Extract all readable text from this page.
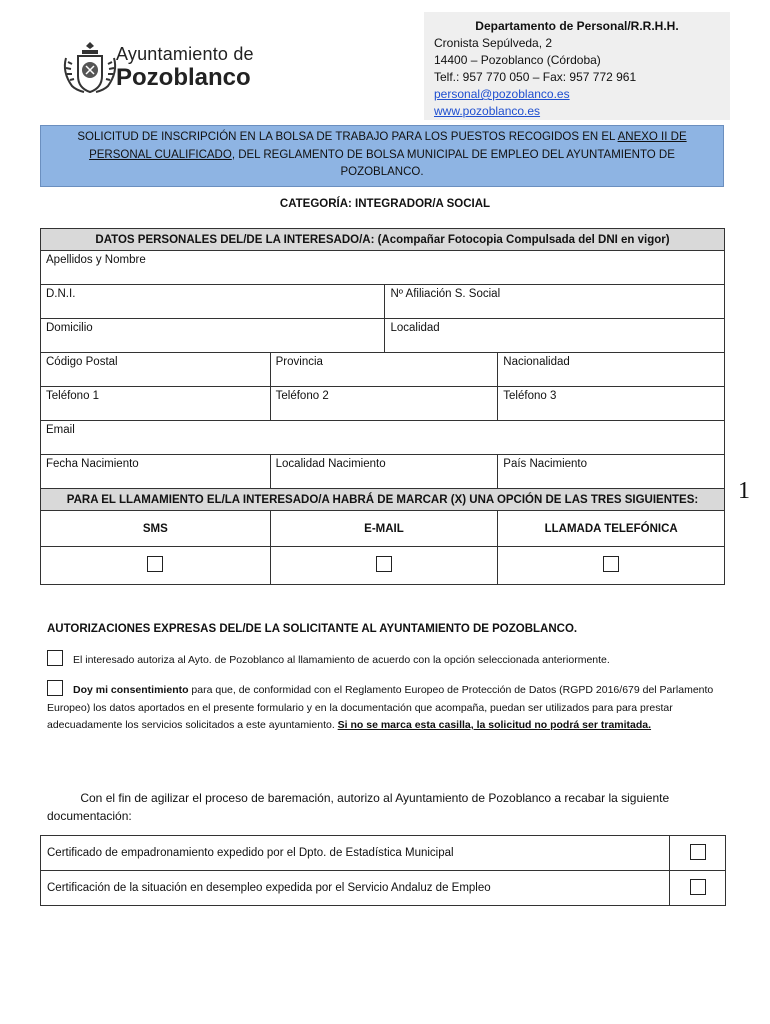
Ayuntamiento de
Pozoblanco
Departamento de Personal/R.R.H.H.
Cronista Sepúlveda, 2
14400 – Pozoblanco (Córdoba)
Telf.: 957 770 050 – Fax: 957 772 961
personal@pozoblanco.es
www.pozoblanco.es
SOLICITUD DE INSCRIPCIÓN EN LA BOLSA DE TRABAJO PARA LOS PUESTOS RECOGIDOS EN EL ANEXO II DE PERSONAL CUALIFICADO, DEL REGLAMENTO DE BOLSA MUNICIPAL DE EMPLEO DEL AYUNTAMIENTO DE POZOBLANCO.
CATEGORÍA: INTEGRADOR/A SOCIAL
DATOS PERSONALES DEL/DE LA INTERESADO/A: (Acompañar Fotocopia Compulsada del DNI en vigor)			
Apellidos y Nombre			
D.N.I.		Nº Afiliación S. Social	
Domicilio		Localidad	
Código Postal	Provincia		Nacionalidad
Teléfono 1	Teléfono 2		Teléfono 3
Email			
Fecha Nacimiento	Localidad Nacimiento		País Nacimiento
PARA EL LLAMAMIENTO EL/LA INTERESADO/A HABRÁ DE MARCAR (X) UNA OPCIÓN DE LAS TRES SIGUIENTES:			
SMS	E-MAIL		LLAMADA TELEFÓNICA

1
AUTORIZACIONES EXPRESAS DEL/DE LA SOLICITANTE AL AYUNTAMIENTO DE POZOBLANCO.
El interesado autoriza al Ayto. de Pozoblanco al llamamiento de acuerdo con la opción seleccionada anteriormente.
Doy mi consentimiento para que, de conformidad con el Reglamento Europeo de Protección de Datos (RGPD 2016/679 del Parlamento Europeo) los datos aportados en el presente formulario y en la documentación que acompaña, puedan ser utilizados para para prestar adecuadamente los servicios solicitados a este ayuntamiento. Si no se marca esta casilla, la solicitud no podrá ser tramitada.
Con el fin de agilizar el proceso de baremación, autorizo al Ayuntamiento de Pozoblanco a recabar la siguiente documentación:
Certificado de empadronamiento expedido por el Dpto. de Estadística Municipal	
Certificación de la situación en desempleo expedida por el Servicio Andaluz de Empleo	
